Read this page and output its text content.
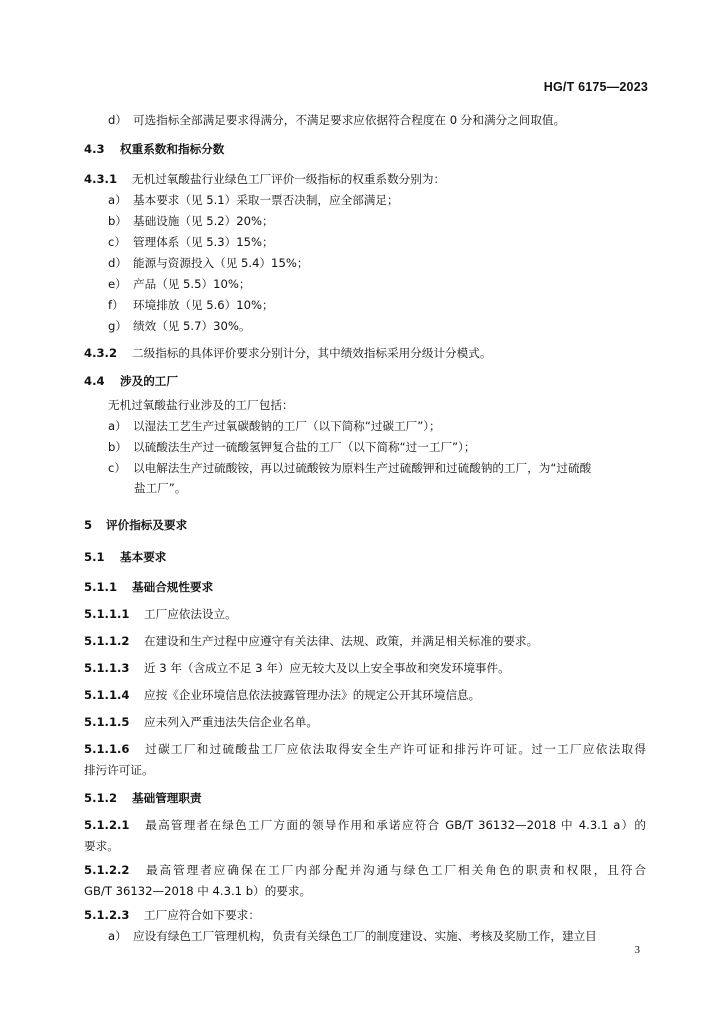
HG/T 6175—2023
d） 可选指标全部满足要求得满分，不满足要求应依据符合程度在 0 分和满分之间取值。
4.3 权重系数和指标分数
4.3.1 无机过氧酸盐行业绿色工厂评价一级指标的权重系数分别为：
a） 基本要求（见 5.1）采取一票否决制，应全部满足；
b） 基础设施（见 5.2）20%；
c） 管理体系（见 5.3）15%；
d） 能源与资源投入（见 5.4）15%；
e） 产品（见 5.5）10%；
f） 环境排放（见 5.6）10%；
g） 绩效（见 5.7）30%。
4.3.2 二级指标的具体评价要求分别计分，其中绩效指标采用分级计分模式。
4.4 涉及的工厂
无机过氧酸盐行业涉及的工厂包括：
a） 以湿法工艺生产过氧碳酸钠的工厂（以下简称“过碳工厂”）；
b） 以硫酸法生产过一硫酸氢钾复合盐的工厂（以下简称“过一工厂”）；
c） 以电解法生产过硫酸铵，再以过硫酸铵为原料生产过硫酸钾和过硫酸钠的工厂，为“过硫酸
盐工厂”。
5 评价指标及要求
5.1 基本要求
5.1.1 基础合规性要求
5.1.1.1 工厂应依法设立。
5.1.1.2 在建设和生产过程中应遵守有关法律、法规、政策，并满足相关标准的要求。
5.1.1.3 近 3 年（含成立不足 3 年）应无较大及以上安全事故和突发环境事件。
5.1.1.4 应按《企业环境信息依法披露管理办法》的规定公开其环境信息。
5.1.1.5 应未列入严重违法失信企业名单。
5.1.1.6 过碳工厂和过硫酸盐工厂应依法取得安全生产许可证和排污许可证。过一工厂应依法取得
排污许可证。
5.1.2 基础管理职责
5.1.2.1 最高管理者在绿色工厂方面的领导作用和承诺应符合 GB/T 36132—2018 中 4.3.1 a）的
要求。
5.1.2.2 最高管理者应确保在工厂内部分配并沟通与绿色工厂相关角色的职责和权限，且符合
GB/T 36132—2018 中 4.3.1 b）的要求。
5.1.2.3 工厂应符合如下要求：
a） 应设有绿色工厂管理机构，负责有关绿色工厂的制度建设、实施、考核及奖励工作，建立目
3
